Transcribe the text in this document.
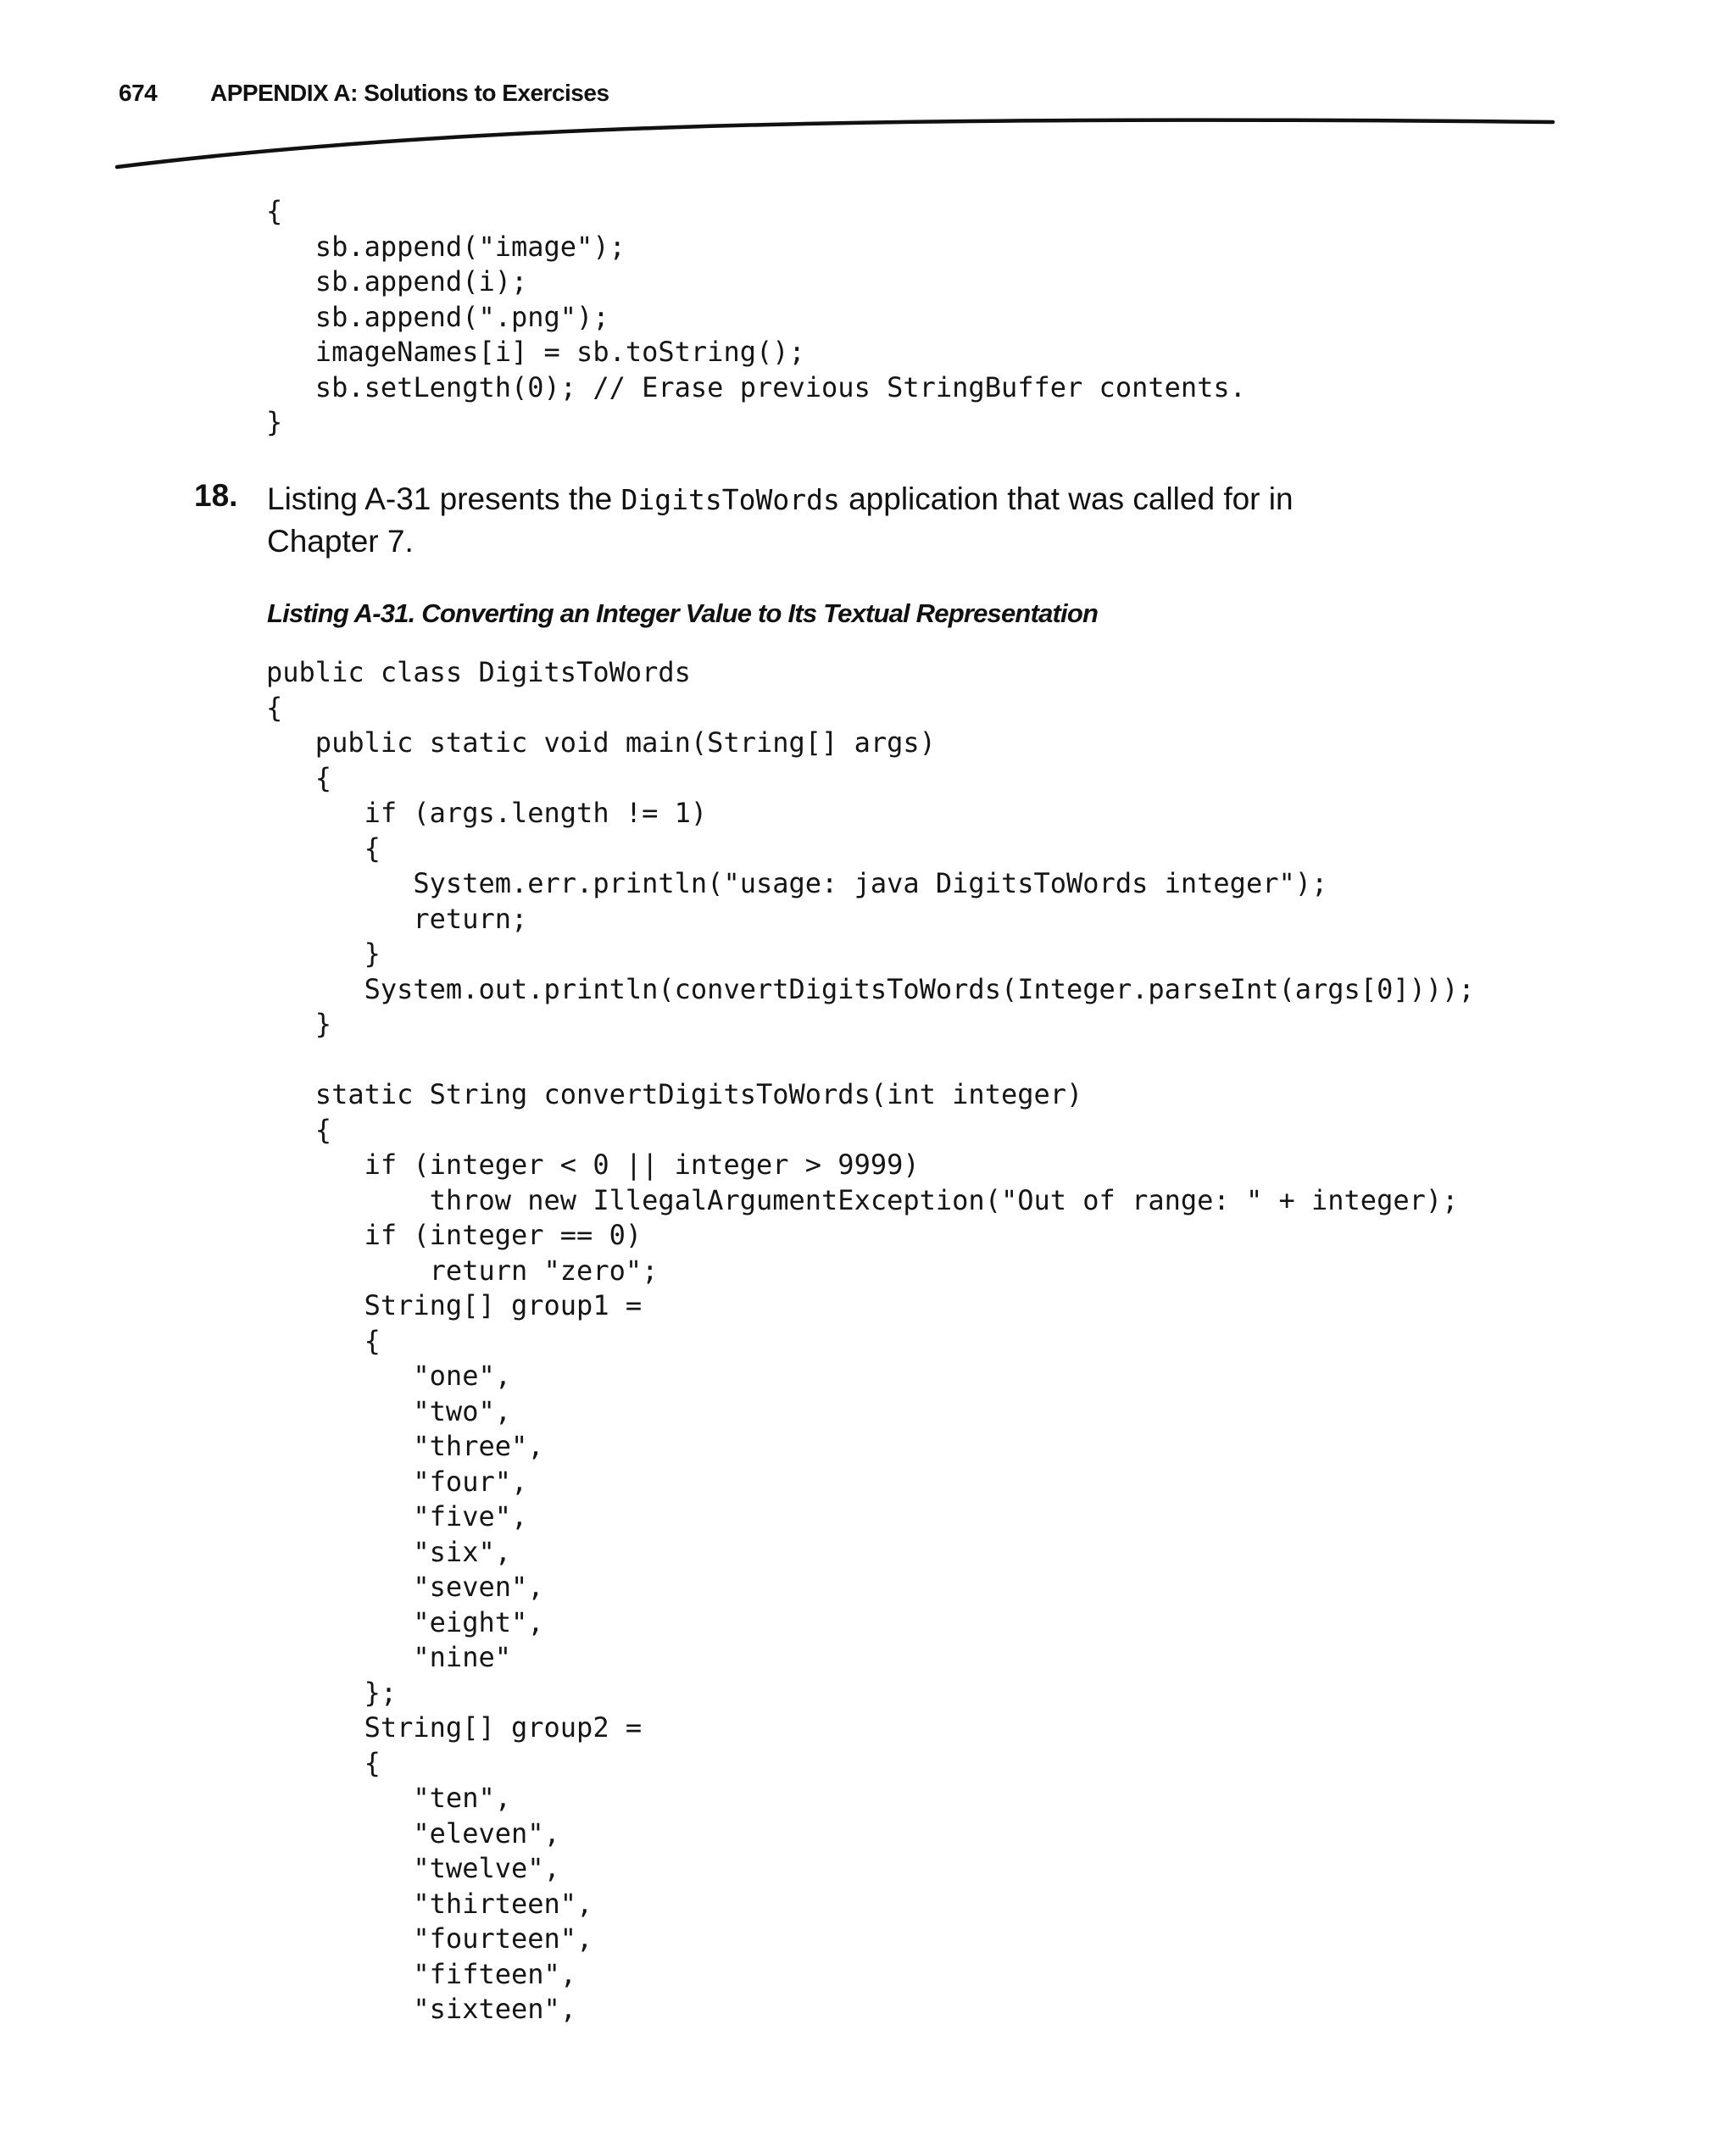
674 APPENDIX A: Solutions to Exercises
{
sb.append("image");
sb.append(i);
sb.append(".png");
imageNames[i] = sb.toString();
sb.setLength(0); // Erase previous StringBuffer contents.
}
18. Listing A-31 presents the DigitsToWords application that was called for in Chapter 7.
Listing A-31. Converting an Integer Value to Its Textual Representation
public class DigitsToWords
{
public static void main(String[] args)
{
if (args.length != 1)
{
System.err.println("usage: java DigitsToWords integer");
return;
}
System.out.println(convertDigitsToWords(Integer.parseInt(args[0])));
}

static String convertDigitsToWords(int integer)
{
if (integer < 0 || integer > 9999)
throw new IllegalArgumentException("Out of range: " + integer);
if (integer == 0)
return "zero";
String[] group1 =
{
"one",
"two",
"three",
"four",
"five",
"six",
"seven",
"eight",
"nine"
};
String[] group2 =
{
"ten",
"eleven",
"twelve",
"thirteen",
"fourteen",
"fifteen",
"sixteen",
